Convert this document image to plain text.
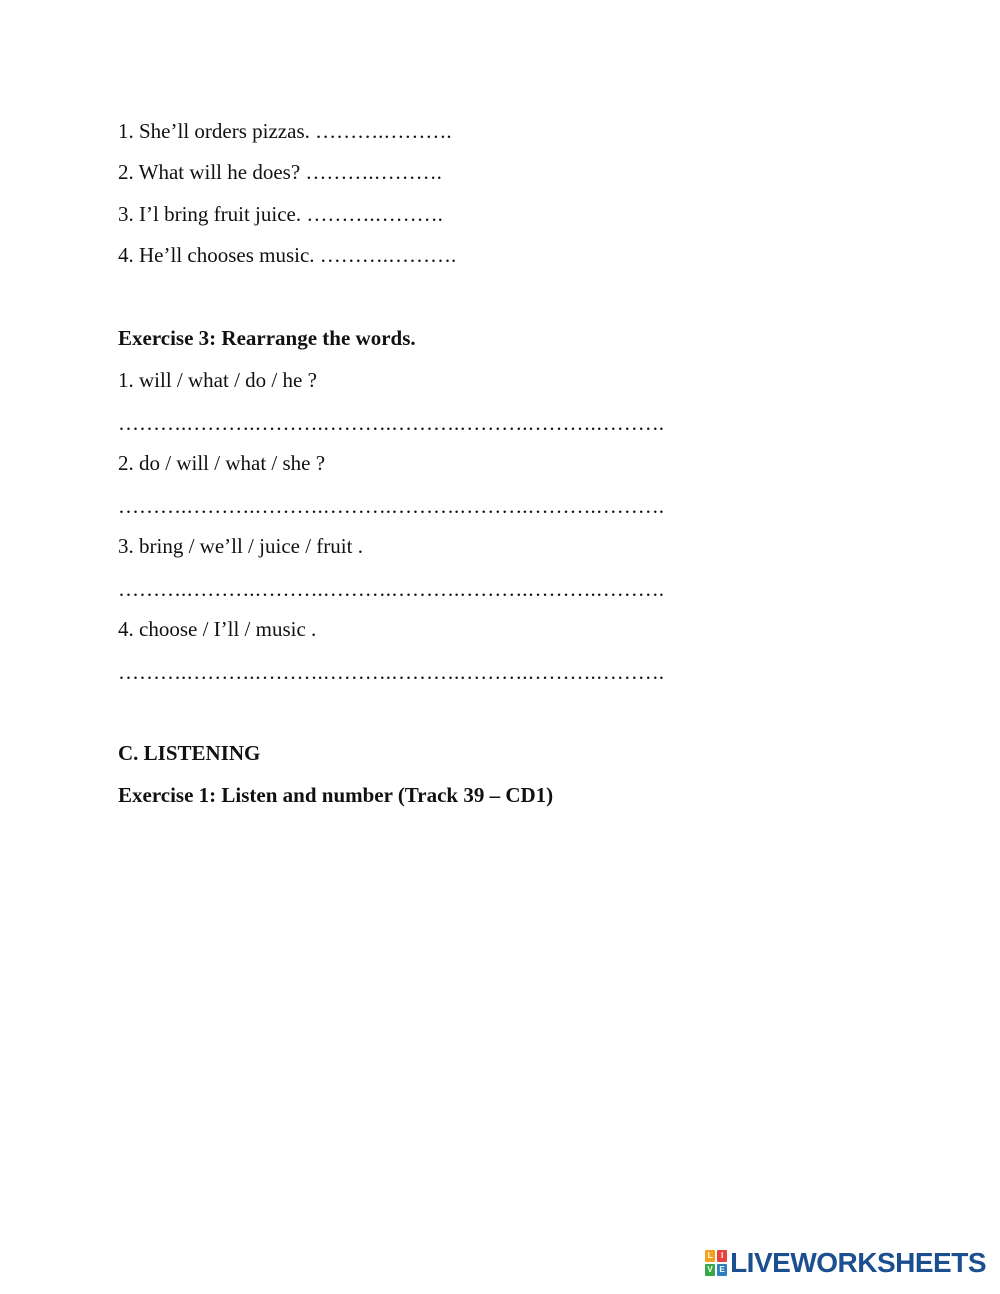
1. She’ll orders pizzas. ……….……….

2. What will he does? ……….……….

3. I’l bring fruit juice. ……….……….

4. He’ll chooses music. ……….……….

Exercise 3: Rearrange the words.

1. will / what / do / he ?

……….……….……….……….……….……….……….……….

2. do / will / what / she ?

……….……….……….……….……….……….……….……….

3. bring / we’ll / juice / fruit .

……….……….……….……….……….……….……….……….

4. choose / I’ll / music .

……….……….……….……….……….……….……….……….

C. LISTENING

Exercise 1: Listen and number (Track 39 – CD1)

L	I
V E LIVEWORKSHEETS
